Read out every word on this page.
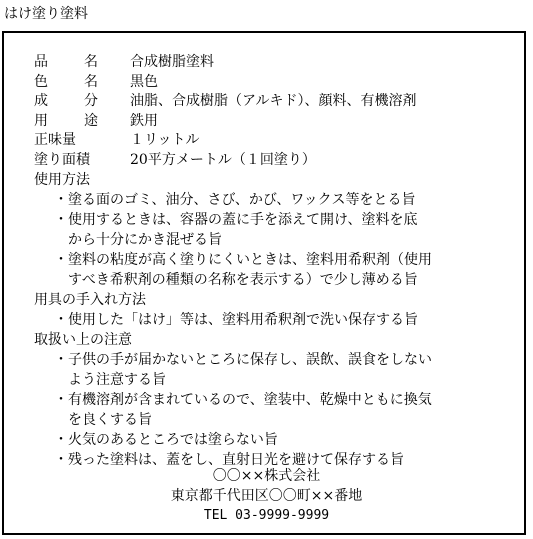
はけ塗り塗料
品	名 合成樹脂塗料
色	名 黒色
成	分 油脂、合成樹脂（アルキド）、顔料、有機溶剤
用	途 鉄用
正味量	１リットル
塗り面積	20平方メートル（１回塗り）
使用方法
・ 塗る面のゴミ、油分、さび、かび、ワックス等をとる旨
・ 使用するときは、容器の蓋に手を添えて開け、塗料を底
から十分にかき混ぜる旨
・ 塗料の粘度が高く塗りにくいときは、塗料用希釈剤（使用
すべき希釈剤の種類の名称を表示する）で少し薄める旨
用具の手入れ方法
・ 使用した「はけ」等は、塗料用希釈剤で洗い保存する旨
取扱い上の注意
・ 子供の手が届かないところに保存し、誤飲、誤食をしない
よう注意する旨
・ 有機溶剤が含まれているので、塗装中、乾燥中ともに換気
を良くする旨
・ 火気のあるところでは塗らない旨
・ 残った塗料は、蓋をし、直射日光を避けて保存する旨
〇〇××株式会社
東京都千代田区〇〇町××番地
TEL 03-9999-9999
